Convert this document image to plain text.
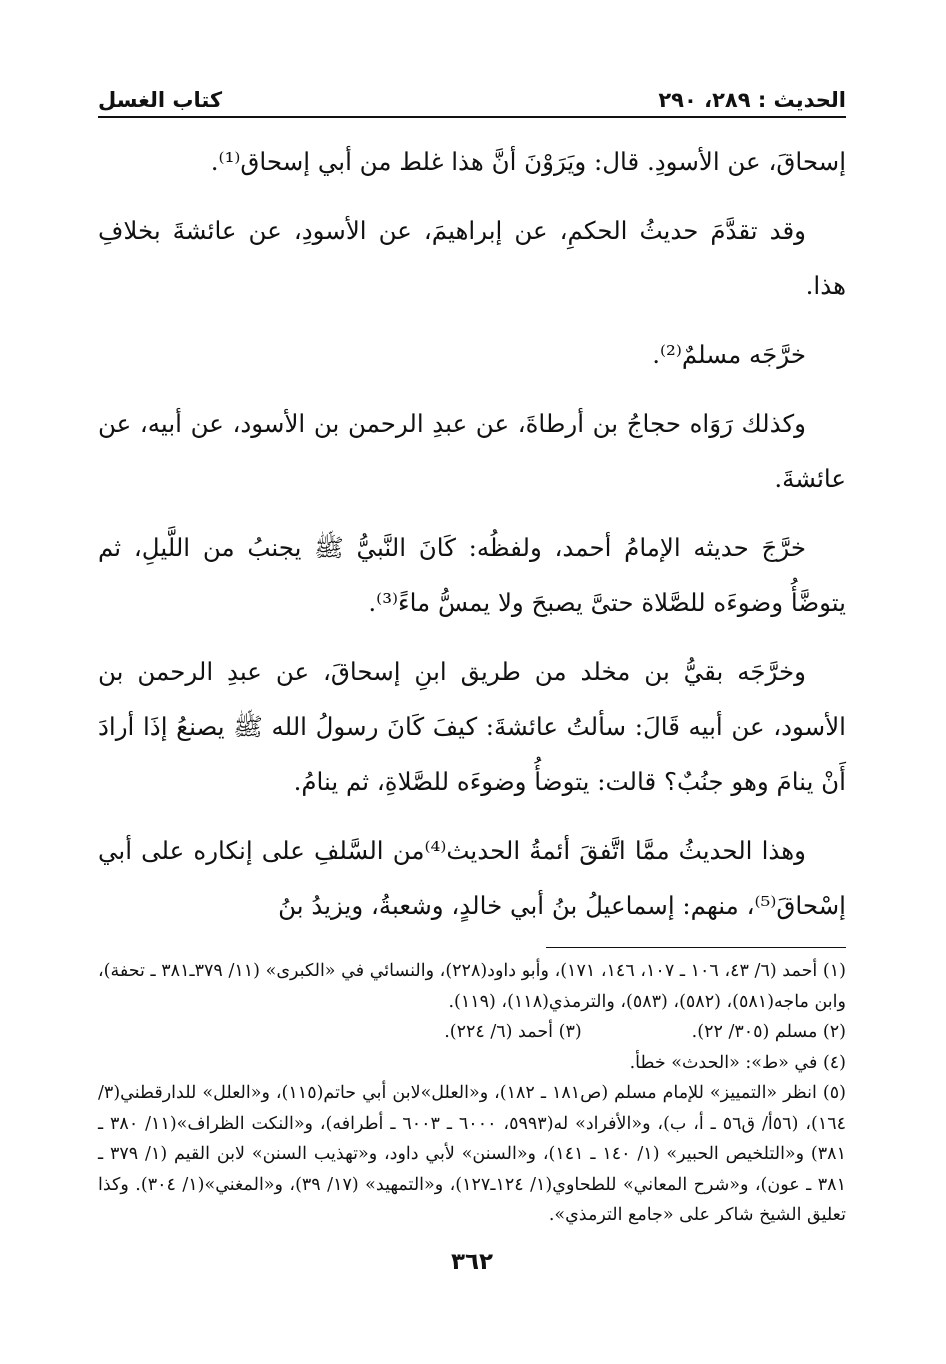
الحديث : ٢٨٩، ٢٩٠
كتاب الغسل

إسحاقَ، عن الأسودِ. قال: ويَرَوْنَ أنَّ هذا غلط من أبي إسحاق⁽¹⁾.

وقد تقدَّمَ حديثُ الحكمِ، عن إبراهيمَ، عن الأسودِ، عن عائشةَ بخلافِ هذا.

خرَّجَه مسلمٌ⁽²⁾.

وكذلك رَوَاه حجاجُ بن أرطاةَ، عن عبدِ الرحمن بن الأسود، عن أبيه، عن عائشةَ.

خرَّجَ حديثه الإمامُ أحمد، ولفظُه: كَانَ النَّبيُّ ﷺ يجنبُ من اللَّيلِ، ثم يتوضَّأُ وضوءَه للصَّلاة حتىَّ يصبحَ ولا يمسُّ ماءً⁽³⁾.

وخرَّجَه بقيُّ بن مخلد من طريق ابنِ إسحاقَ، عن عبدِ الرحمن بن الأسود، عن أبيه قَالَ: سألتُ عائشةَ: كيفَ كَانَ رسولُ الله ﷺ يصنعُ إذَا أرادَ أَنْ ينامَ وهو جنُبٌ؟ قالت: يتوضأُ وضوءَه للصَّلاةِ، ثم ينامُ.

وهذا الحديثُ ممَّا اتَّفقَ أئمةُ الحديث⁽⁴⁾من السَّلفِ على إنكاره على أبي إسْحاقَ⁽⁵⁾، منهم: إسماعيلُ بنُ أبي خالدٍ، وشعبةُ، ويزيدُ بنُ

(١) أحمد (٦/ ٤٣، ١٠٦ ـ ١٠٧، ١٤٦، ١٧١)، وأبو داود(٢٢٨)، والنسائي في «الكبرى» (١١/ ٣٧٩ـ٣٨١ ـ تحفة)، وابن ماجه(٥٨١)، (٥٨٢)، (٥٨٣)، والترمذي(١١٨)، (١١٩).

(٢) مسلم (٣٠٥/ ٢٢).
(٣) أحمد (٦/ ٢٢٤).

(٤) في «ط»: «الحدث» خطأ.

(٥) انظر «التمييز» للإمام مسلم (ص١٨١ ـ ١٨٢)، و«العلل»لابن أبي حاتم(١١٥)، و«العلل» للدارقطني(٣/ ١٦٤)، (٥٦أ/ ق٥٦ ـ أ، ب)، و«الأفراد» له(٥٩٩٣، ٦٠٠٠ ـ ٦٠٠٣ ـ أطرافه)، و«النكت الظراف»(١١/ ٣٨٠ ـ ٣٨١) و«التلخيص الحبير» (١/ ١٤٠ ـ ١٤١)، و«السنن» لأبي داود، و«تهذيب السنن» لابن القيم (١/ ٣٧٩ ـ ٣٨١ ـ عون)، و«شرح المعاني» للطحاوي(١/ ١٢٤ـ١٢٧)، و«التمهيد» (١٧/ ٣٩)، و«المغني»(١/ ٣٠٤). وكذا تعليق الشيخ شاكر على «جامع الترمذي».

٣٦٢
